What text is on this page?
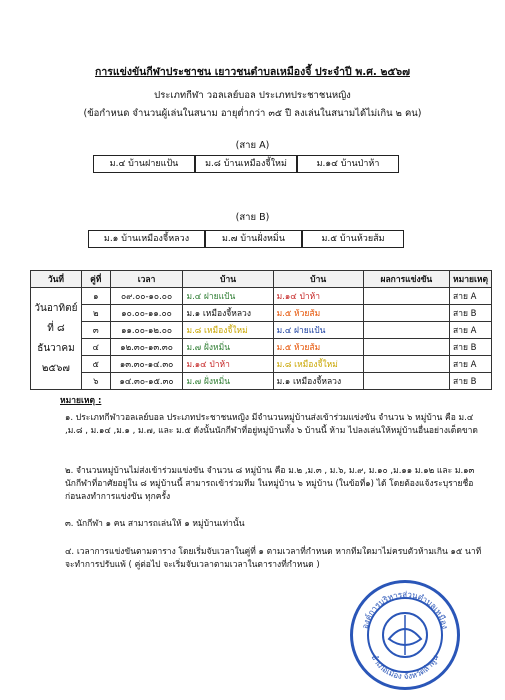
การแข่งขันกีฬาประชาชน เยาวชนตำบลเหมืองจี้ ประจำปี พ.ศ. ๒๕๖๗
ประเภทกีฬา วอลเลย์บอล ประเภทประชาชนหญิง
(ข้อกำหนด จำนวนผู้เล่นในสนาม อายุต่ำกว่า ๓๕ ปี ลงเล่นในสนามได้ไม่เกิน ๒ คน)
(สาย A)
ม.๔ บ้านฝายแป้น	ม.๘ บ้านเหมืองจี้ใหม่	ม.๑๔ บ้านป่าห้า
(สาย B)
ม.๑ บ้านเหมืองจี้หลวง	ม.๗ บ้านฝั่งหมิ่น	ม.๕ บ้านห้วยส้ม
วันที่	คู่ที่	เวลา	บ้าน	บ้าน	ผลการแข่งขัน	หมายเหตุ

วันอาทิตย์
ที่ ๘
ธันวาคม
๒๕๖๗	๑	๐๙.๐๐-๑๐.๐๐	ม.๔ ฝายแป้น	ม.๑๔ ป่าห้า		สาย A
	๒	๑๐.๐๐-๑๑.๐๐	ม.๑ เหมืองจี้หลวง	ม.๕ ห้วยส้ม		สาย B
	๓	๑๑.๐๐-๑๒.๐๐	ม.๘ เหมืองจี้ใหม่	ม.๔ ฝายแป้น		สาย A
	๔	๑๒.๓๐-๑๓.๓๐	ม.๗ ฝั่งหมิ่น	ม.๕ ห้วยส้ม		สาย B
	๕	๑๓.๓๐-๑๔.๓๐	ม.๑๔ ป่าห้า	ม.๘ เหมืองจี้ใหม่		สาย A
	๖	๑๔.๓๐-๑๕.๓๐	ม.๗ ฝั่งหมิ่น	ม.๑ เหมืองจี้หลวง		สาย B
หมายเหตุ :
๑. ประเภทกีฬาวอลเลย์บอล ประเภทประชาชนหญิง มีจำนวนหมู่บ้านส่งเข้าร่วมแข่งขัน จำนวน ๖ หมู่บ้าน คือ ม.๔ ,ม.๘ , ม.๑๔ ,ม.๑ , ม.๗, และ ม.๕ ดังนั้นนักกีฬาที่อยู่หมู่บ้านทั้ง ๖ บ้านนี้ ห้าม ไปลงเล่นให้หมู่บ้านอื่นอย่างเด็ดขาด
๒. จำนวนหมู่บ้านไม่ส่งเข้าร่วมแข่งขัน จำนวน ๘ หมู่บ้าน คือ ม.๒ ,ม.๓ , ม.๖, ม.๙, ม.๑๐ ,ม.๑๑ ม.๑๒ และ ม.๑๓ นักกีฬาที่อาศัยอยู่ใน ๘ หมู่บ้านนี้ สามารถเข้าร่วมทีม ในหมู่บ้าน ๖ หมู่บ้าน (ในข้อที่๑) ได้ โดยต้องแจ้งระบุรายชื่อก่อนลงทำการแข่งขัน ทุกครั้ง
๓. นักกีฬา ๑ คน สามารถเล่นให้ ๑ หมู่บ้านเท่านั้น
๔. เวลาการแข่งขันตามตาราง โดยเริ่มจับเวลาในคู่ที่ ๑ ตามเวลาที่กำหนด หากทีมใดมาไม่ครบตัวห้ามเกิน ๑๕ นาที จะทำการปรับแพ้ ( คู่ต่อไป จะเริ่มจับเวลาตามเวลาในตารางที่กำหนด )
องค์การบริหารส่วนตำบลเหมือง
อำเภอเมือง จังหวัดลำพูน
